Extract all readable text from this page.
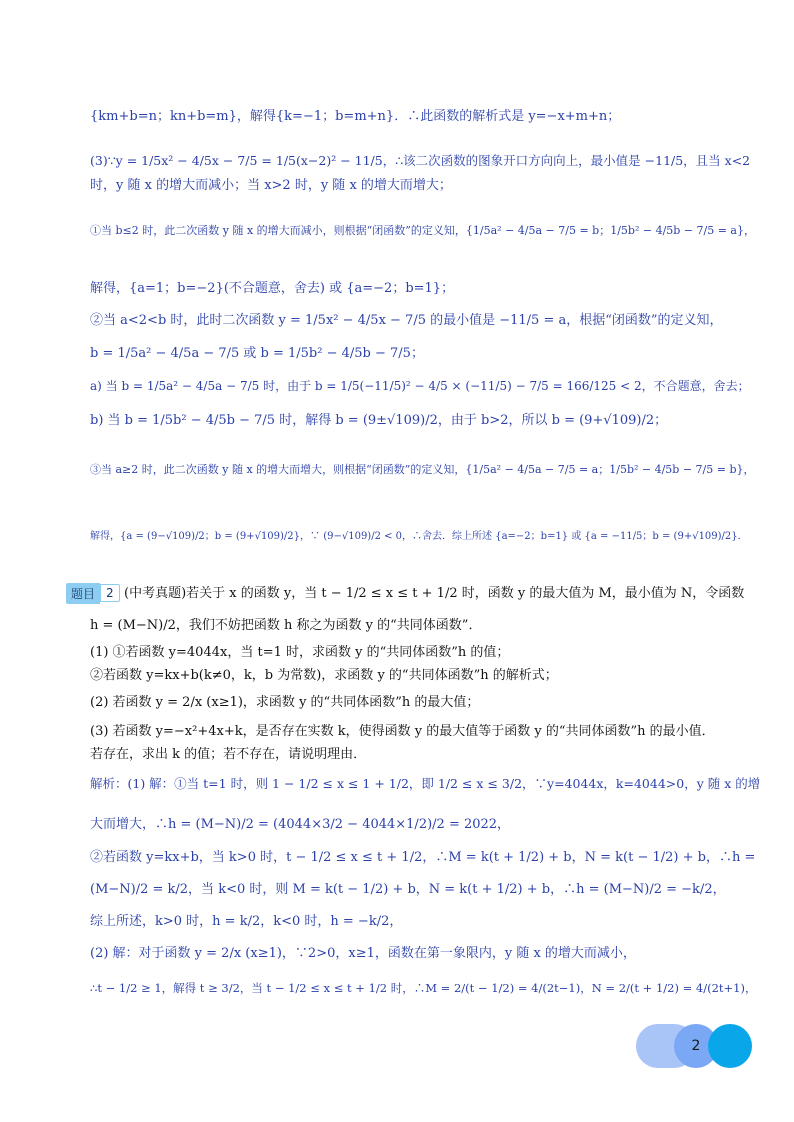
{km+b=n；kn+b=m}，解得{k=−1；b=m+n}．∴此函数的解析式是 y=−x+m+n；
(3)∵y = 1/5x² − 4/5x − 7/5 = 1/5(x−2)² − 11/5，∴该二次函数的图象开口方向向上，最小值是 −11/5，且当 x<2
时，y 随 x 的增大而减小；当 x>2 时，y 随 x 的增大而增大；
①当 b≤2 时，此二次函数 y 随 x 的增大而减小，则根据“闭函数”的定义知，{1/5a² − 4/5a − 7/5 = b；1/5b² − 4/5b − 7/5 = a}，
解得，{a=1；b=−2}(不合题意，舍去) 或 {a=−2；b=1}；
②当 a<2<b 时，此时二次函数 y = 1/5x² − 4/5x − 7/5 的最小值是 −11/5 = a，根据“闭函数”的定义知，
b = 1/5a² − 4/5a − 7/5 或 b = 1/5b² − 4/5b − 7/5；
a) 当 b = 1/5a² − 4/5a − 7/5 时，由于 b = 1/5(−11/5)² − 4/5 × (−11/5) − 7/5 = 166/125 < 2，不合题意，舍去；
b) 当 b = 1/5b² − 4/5b − 7/5 时，解得 b = (9±√109)/2，由于 b>2，所以 b = (9+√109)/2；
③当 a≥2 时，此二次函数 y 随 x 的增大而增大，则根据“闭函数”的定义知，{1/5a² − 4/5a − 7/5 = a；1/5b² − 4/5b − 7/5 = b}，
解得，{a = (9−√109)/2；b = (9+√109)/2}，∵ (9−√109)/2 < 0，∴舍去．综上所述 {a=−2；b=1} 或 {a = −11/5；b = (9+√109)/2}．
题目 2 (中考真题)若关于 x 的函数 y，当 t − 1/2 ≤ x ≤ t + 1/2 时，函数 y 的最大值为 M，最小值为 N，令函数
h = (M−N)/2，我们不妨把函数 h 称之为函数 y 的“共同体函数”．
(1) ①若函数 y=4044x，当 t=1 时，求函数 y 的“共同体函数”h 的值；
②若函数 y=kx+b(k≠0，k，b 为常数)，求函数 y 的“共同体函数”h 的解析式；
(2) 若函数 y = 2/x (x≥1)，求函数 y 的“共同体函数”h 的最大值；
(3) 若函数 y=−x²+4x+k，是否存在实数 k，使得函数 y 的最大值等于函数 y 的“共同体函数”h 的最小值．
若存在，求出 k 的值；若不存在，请说明理由．
解析：(1) 解：①当 t=1 时，则 1 − 1/2 ≤ x ≤ 1 + 1/2，即 1/2 ≤ x ≤ 3/2，∵y=4044x，k=4044>0，y 随 x 的增
大而增大，∴h = (M−N)/2 = (4044×3/2 − 4044×1/2)/2 = 2022，
②若函数 y=kx+b，当 k>0 时，t − 1/2 ≤ x ≤ t + 1/2，∴M = k(t + 1/2) + b，N = k(t − 1/2) + b，∴h =
(M−N)/2 = k/2，当 k<0 时，则 M = k(t − 1/2) + b，N = k(t + 1/2) + b，∴h = (M−N)/2 = −k/2，
综上所述，k>0 时，h = k/2，k<0 时，h = −k/2，
(2) 解：对于函数 y = 2/x (x≥1)，∵2>0，x≥1，函数在第一象限内，y 随 x 的增大而减小，
∴t − 1/2 ≥ 1，解得 t ≥ 3/2，当 t − 1/2 ≤ x ≤ t + 1/2 时，∴M = 2/(t − 1/2) = 4/(2t−1)，N = 2/(t + 1/2) = 4/(2t+1)，
2
